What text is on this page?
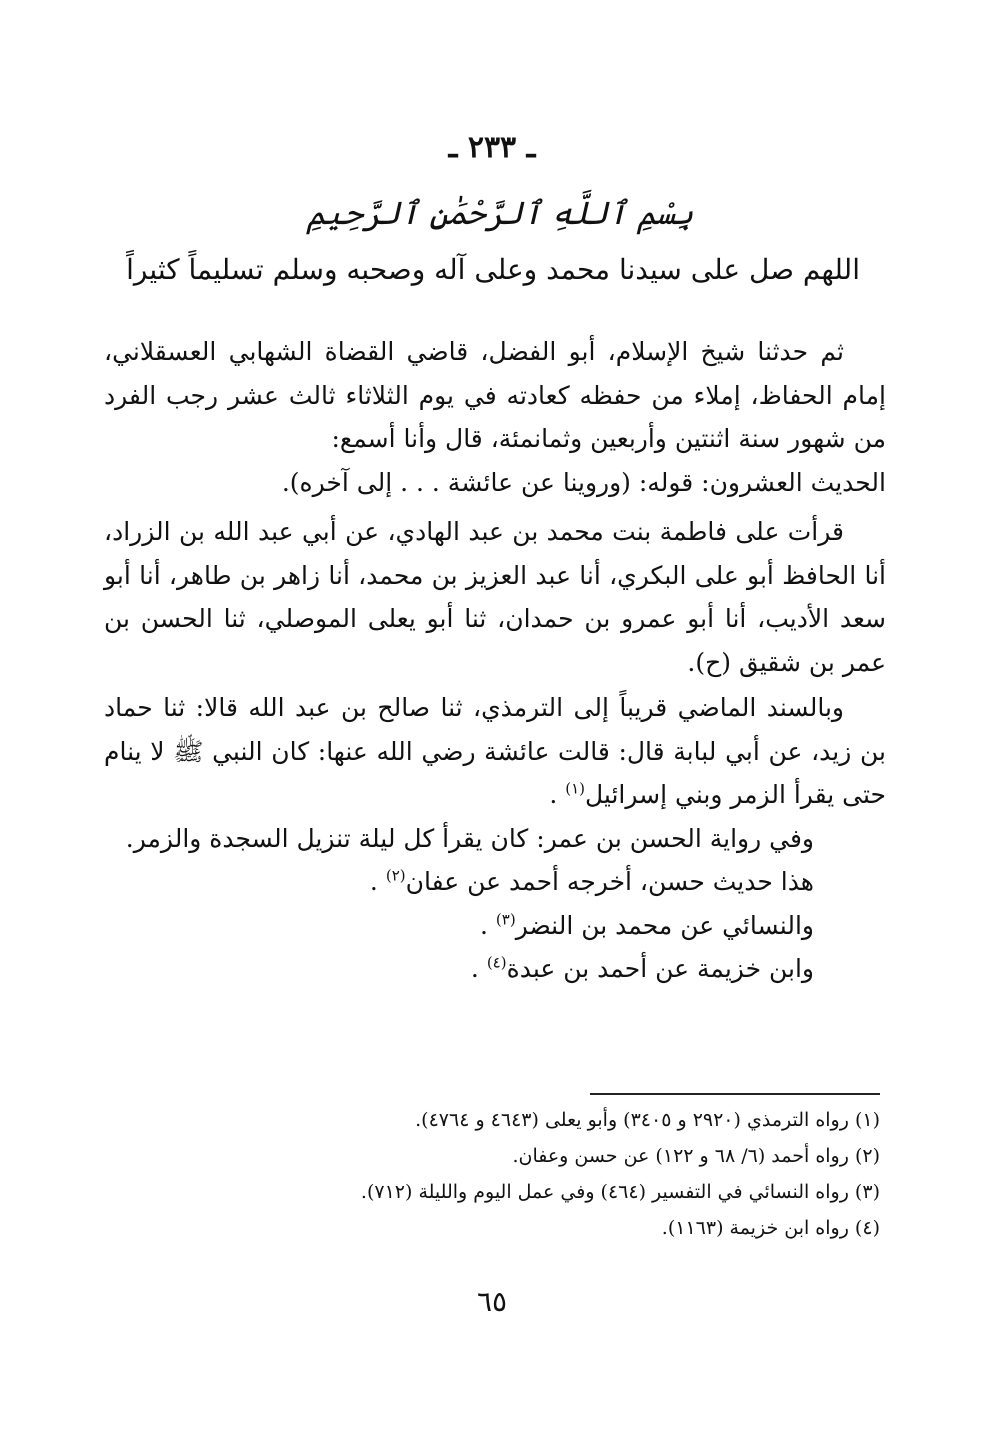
ـ ٢٣٣ ـ
بِسْمِ ٱللَّهِ ٱلرَّحْمَٰنِ ٱلرَّحِيمِ
اللهم صل على سيدنا محمد وعلى آله وصحبه وسلم تسليماً كثيراً

ثم حدثنا شيخ الإسلام، أبو الفضل، قاضي القضاة الشهابي العسقلاني، إمام الحفاظ، إملاء من حفظه كعادته في يوم الثلاثاء ثالث عشر رجب الفرد من شهور سنة اثنتين وأربعين وثمانمئة، قال وأنا أسمع:

الحديث العشرون: قوله: (وروينا عن عائشة . . . إلى آخره).

قرأت على فاطمة بنت محمد بن عبد الهادي، عن أبي عبد الله بن الزراد، أنا الحافظ أبو على البكري، أنا عبد العزيز بن محمد، أنا زاهر بن طاهر، أنا أبو سعد الأديب، أنا أبو عمرو بن حمدان، ثنا أبو يعلى الموصلي، ثنا الحسن بن عمر بن شقيق (ح).

وبالسند الماضي قريباً إلى الترمذي، ثنا صالح بن عبد الله قالا: ثنا حماد بن زيد، عن أبي لبابة قال: قالت عائشة رضي الله عنها: كان النبي ﷺ لا ينام حتى يقرأ الزمر وبني إسرائيل$^{(١)}$ .

وفي رواية الحسن بن عمر: كان يقرأ كل ليلة تنزيل السجدة والزمر.

هذا حديث حسن، أخرجه أحمد عن عفان$^{(٢)}$ .

والنسائي عن محمد بن النضر$^{(٣)}$ .

وابن خزيمة عن أحمد بن عبدة$^{(٤)}$ .

(١) رواه الترمذي (٢٩٢٠ و ٣٤٠٥) وأبو يعلى (٤٦٤٣ و ٤٧٦٤).
(٢) رواه أحمد (٦/ ٦٨ و ١٢٢) عن حسن وعفان.
(٣) رواه النسائي في التفسير (٤٦٤) وفي عمل اليوم والليلة (٧١٢).
(٤) رواه ابن خزيمة (١١٦٣).
٦٥
